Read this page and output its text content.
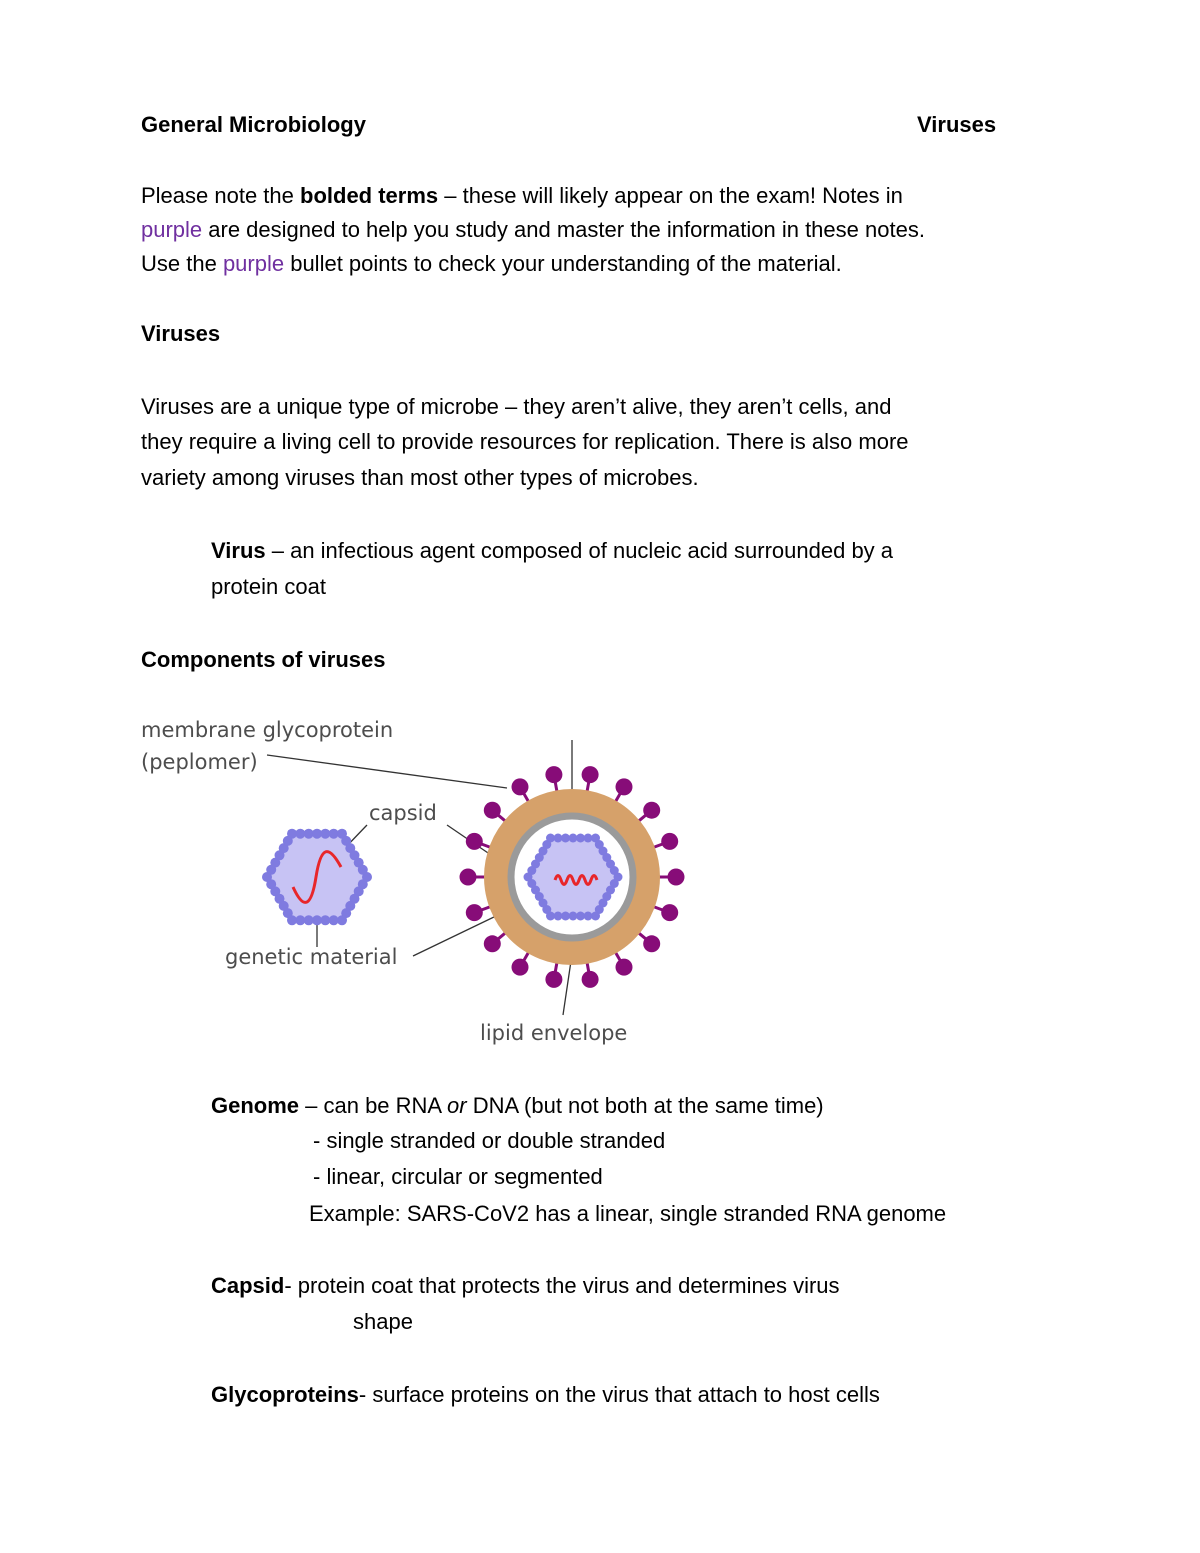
General Microbiology	Viruses

Please note the bolded terms – these will likely appear on the exam! Notes in

purple are designed to help you study and master the information in these notes.

Use the purple bullet points to check your understanding of the material.

Viruses

Viruses are a unique type of microbe – they aren’t alive, they aren’t cells, and

they require a living cell to provide resources for replication. There is also more

variety among viruses than most other types of microbes.

Virus – an infectious agent composed of nucleic acid surrounded by a

protein coat

Components of viruses

membrane glycoprotein
(peplomer)
capsid
genetic material
lipid envelope

Genome – can be RNA or DNA (but not both at the same time)

- single stranded or double stranded

- linear, circular or segmented

Example: SARS-CoV2 has a linear, single stranded RNA genome

Capsid- protein coat that protects the virus and determines virus

shape

Glycoproteins- surface proteins on the virus that attach to host cells
